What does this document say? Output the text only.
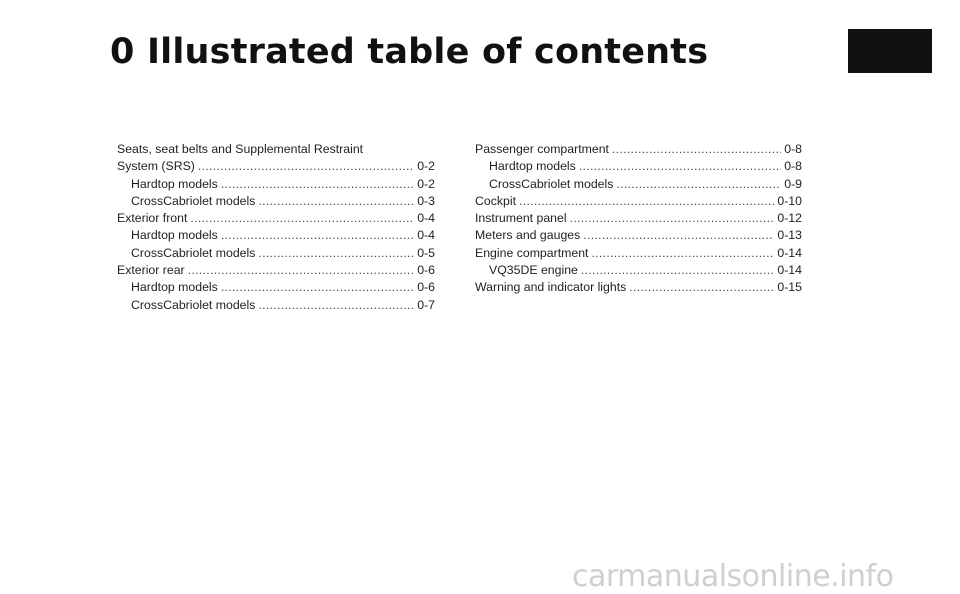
0 Illustrated table of contents
Seats, seat belts and Supplemental Restraint
System (SRS) .....	0-2
Hardtop models .....	0-2
CrossCabriolet models .....	0-3
Exterior front .....	0-4
Hardtop models .....	0-4
CrossCabriolet models .....	0-5
Exterior rear .....	0-6
Hardtop models .....	0-6
CrossCabriolet models .....	0-7
Passenger compartment .....	0-8
Hardtop models .....	0-8
CrossCabriolet models .....	0-9
Cockpit .....	0-10
Instrument panel .....	0-12
Meters and gauges .....	0-13
Engine compartment .....	0-14
VQ35DE engine .....	0-14
Warning and indicator lights .....	0-15
carmanualsonline.info
